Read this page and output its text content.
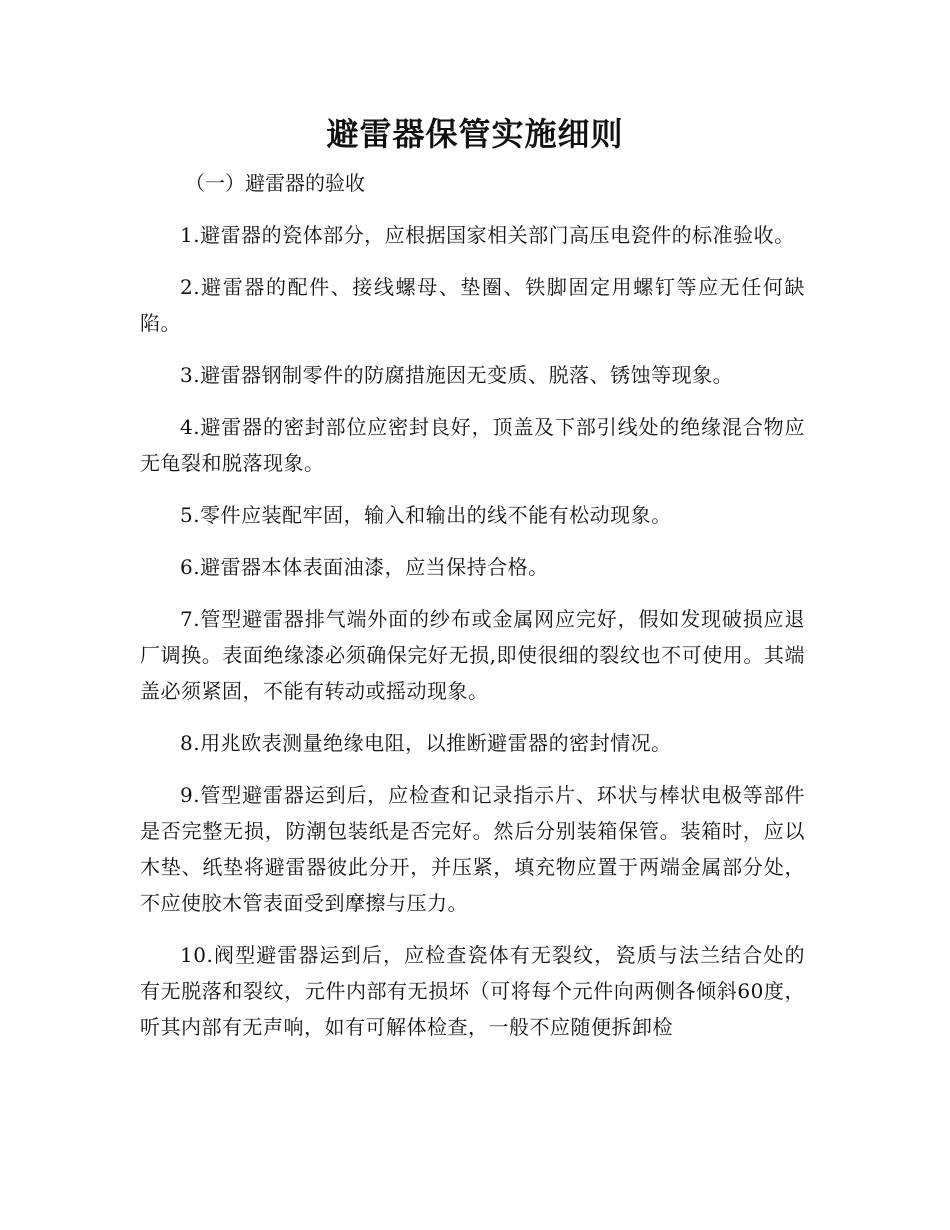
避雷器保管实施细则

（一）避雷器的验收

1.避雷器的瓷体部分，应根据国家相关部门高压电瓷件的标准验收。

2.避雷器的配件、接线螺母、垫圈、铁脚固定用螺钉等应无任何缺陷。

3.避雷器钢制零件的防腐措施因无变质、脱落、锈蚀等现象。

4.避雷器的密封部位应密封良好，顶盖及下部引线处的绝缘混合物应无龟裂和脱落现象。

5.零件应装配牢固，输入和输出的线不能有松动现象。

6.避雷器本体表面油漆，应当保持合格。

7.管型避雷器排气端外面的纱布或金属网应完好，假如发现破损应退厂调换。表面绝缘漆必须确保完好无损,即使很细的裂纹也不可使用。其端盖必须紧固，不能有转动或摇动现象。

8.用兆欧表测量绝缘电阻，以推断避雷器的密封情况。

9.管型避雷器运到后，应检查和记录指示片、环状与棒状电极等部件是否完整无损，防潮包装纸是否完好。然后分别装箱保管。装箱时，应以木垫、纸垫将避雷器彼此分开，并压紧，填充物应置于两端金属部分处，不应使胶木管表面受到摩擦与压力。

10.阀型避雷器运到后，应检查瓷体有无裂纹，瓷质与法兰结合处的有无脱落和裂纹，元件内部有无损坏（可将每个元件向两侧各倾斜60度，听其内部有无声响，如有可解体检查，一般不应随便拆卸检
